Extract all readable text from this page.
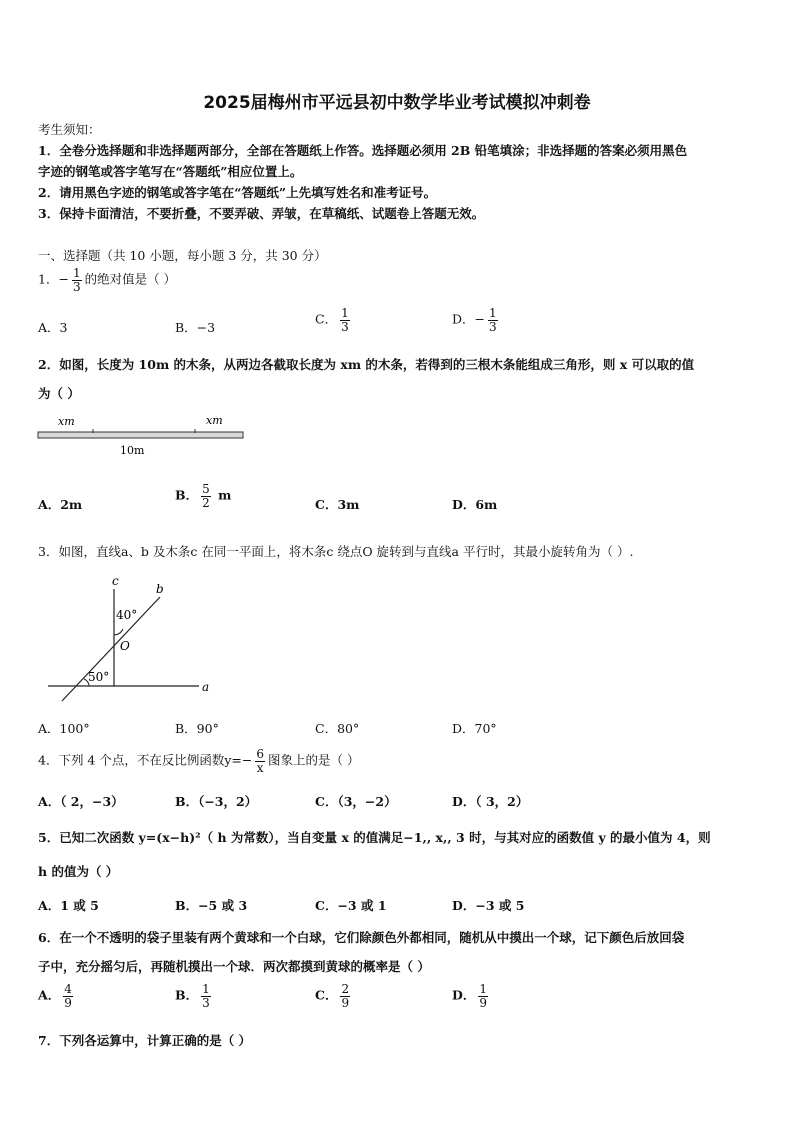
2025届梅州市平远县初中数学毕业考试模拟冲刺卷
考生须知：
1．全卷分选择题和非选择题两部分，全部在答题纸上作答。选择题必须用 2B 铅笔填涂；非选择题的答案必须用黑色
字迹的钢笔或答字笔写在“答题纸”相应位置上。
2．请用黑色字迹的钢笔或答字笔在“答题纸”上先填写姓名和准考证号。
3．保持卡面清洁，不要折叠，不要弄破、弄皱，在草稿纸、试题卷上答题无效。
一、选择题（共 10 小题，每小题 3 分，共 30 分）
1．− $\frac{1}{3}$ 的绝对值是（ ）
A．3	B．−3
C． $\frac{1}{3}$	D．− $\frac{1}{3}$
2．如图，长度为 10m 的木条，从两边各截取长度为 xm 的木条，若得到的三根木条能组成三角形，则 x 可以取的值
为（ ）
xm	xm
10m
A．2m
B． $\frac{5}{2}$ m
C．3m	D．6m
3．如图，直线a、b 及木条c 在同一平面上，将木条c 绕点O 旋转到与直线a 平行时，其最小旋转角为（ ）.
c
b
a
O
40°
50°
A．100°	B．90°	C．80°	D．70°
4．下列 4 个点，不在反比例函数$y=- \frac{6}{x}$ 图象上的是（ ）
A．（ 2，−3）	B．（−3，2）	C．（3，−2）	D．（ 3，2）
5．已知二次函数 y=(x−h)²（ h 为常数），当自变量 x 的值满足−1,, x,, 3 时，与其对应的函数值 y 的最小值为 4，则
h 的值为（ ）
A．1 或 5	B．−5 或 3	C．−3 或 1	D．−3 或 5
6．在一个不透明的袋子里装有两个黄球和一个白球，它们除颜色外都相同，随机从中摸出一个球，记下颜色后放回袋
子中，充分摇匀后，再随机摸出一个球．两次都摸到黄球的概率是（ ）
A． $\frac{4}{9}$	B． $\frac{1}{3}$	C． $\frac{2}{9}$	D． $\frac{1}{9}$
7．下列各运算中，计算正确的是（ ）
